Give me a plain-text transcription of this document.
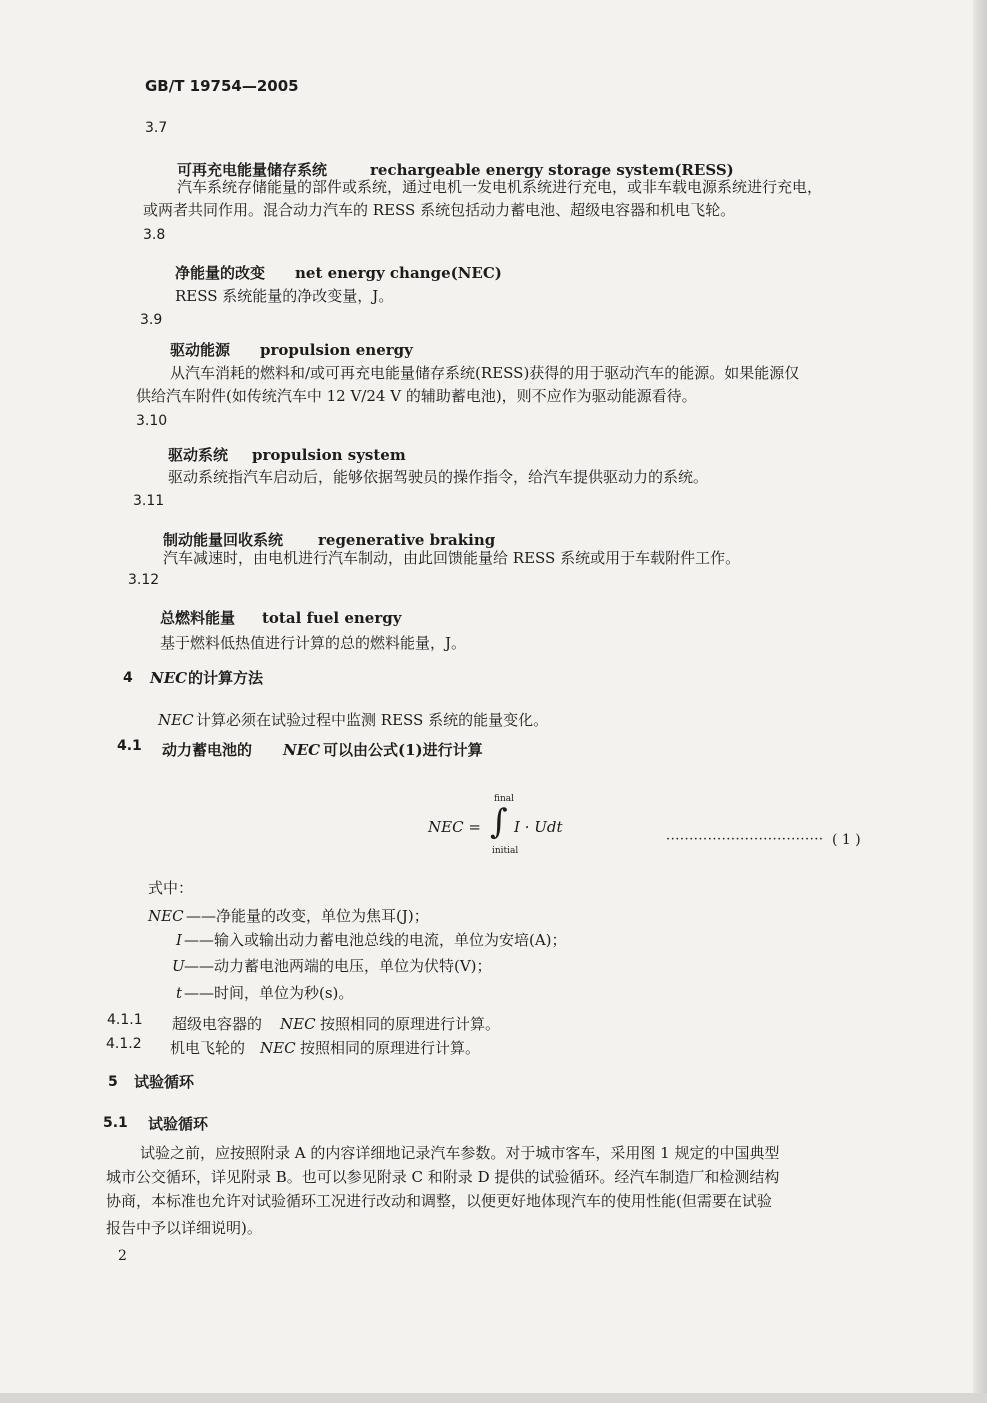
GB/T 19754—2005
3.7
可再充电能量储存系统	rechargeable energy storage system(RESS)
汽车系统存储能量的部件或系统，通过电机一发电机系统进行充电，或非车载电源系统进行充电，
或两者共同作用。混合动力汽车的 RESS 系统包括动力蓄电池、超级电容器和机电飞轮。
3.8
净能量的改变 net energy change(NEC)
RESS 系统能量的净改变量，J。
3.9
驱动能源 propulsion energy
从汽车消耗的燃料和/或可再充电能量储存系统(RESS)获得的用于驱动汽车的能源。如果能源仅
供给汽车附件(如传统汽车中 12 V/24 V 的辅助蓄电池)，则不应作为驱动能源看待。
3.10
驱动系统 propulsion system
驱动系统指汽车启动后，能够依据驾驶员的操作指令，给汽车提供驱动力的系统。
3.11
制动能量回收系统 regenerative braking
汽车减速时，由电机进行汽车制动，由此回馈能量给 RESS 系统或用于车载附件工作。
3.12
总燃料能量 total fuel energy
基于燃料低热值进行计算的总的燃料能量，J。
4 NEC 的计算方法
NEC 计算必须在试验过程中监测 RESS 系统的能量变化。
4.1 动力蓄电池的 NEC 可以由公式(1)进行计算
NEC =
final
∫
initial
I · Udt
·································· ( 1 )
式中：
NEC ——净能量的改变，单位为焦耳(J)；
I ——输入或输出动力蓄电池总线的电流，单位为安培(A)；
U ——动力蓄电池两端的电压，单位为伏特(V)；
t ——时间，单位为秒(s)。
4.1.1 超级电容器的 NEC 按照相同的原理进行计算。
4.1.2 机电飞轮的 NEC 按照相同的原理进行计算。
5 试验循环
5.1 试验循环
试验之前，应按照附录 A 的内容详细地记录汽车参数。对于城市客车，采用图 1 规定的中国典型
城市公交循环，详见附录 B。也可以参见附录 C 和附录 D 提供的试验循环。经汽车制造厂和检测结构
协商，本标准也允许对试验循环工况进行改动和调整，以便更好地体现汽车的使用性能(但需要在试验
报告中予以详细说明)。
2
